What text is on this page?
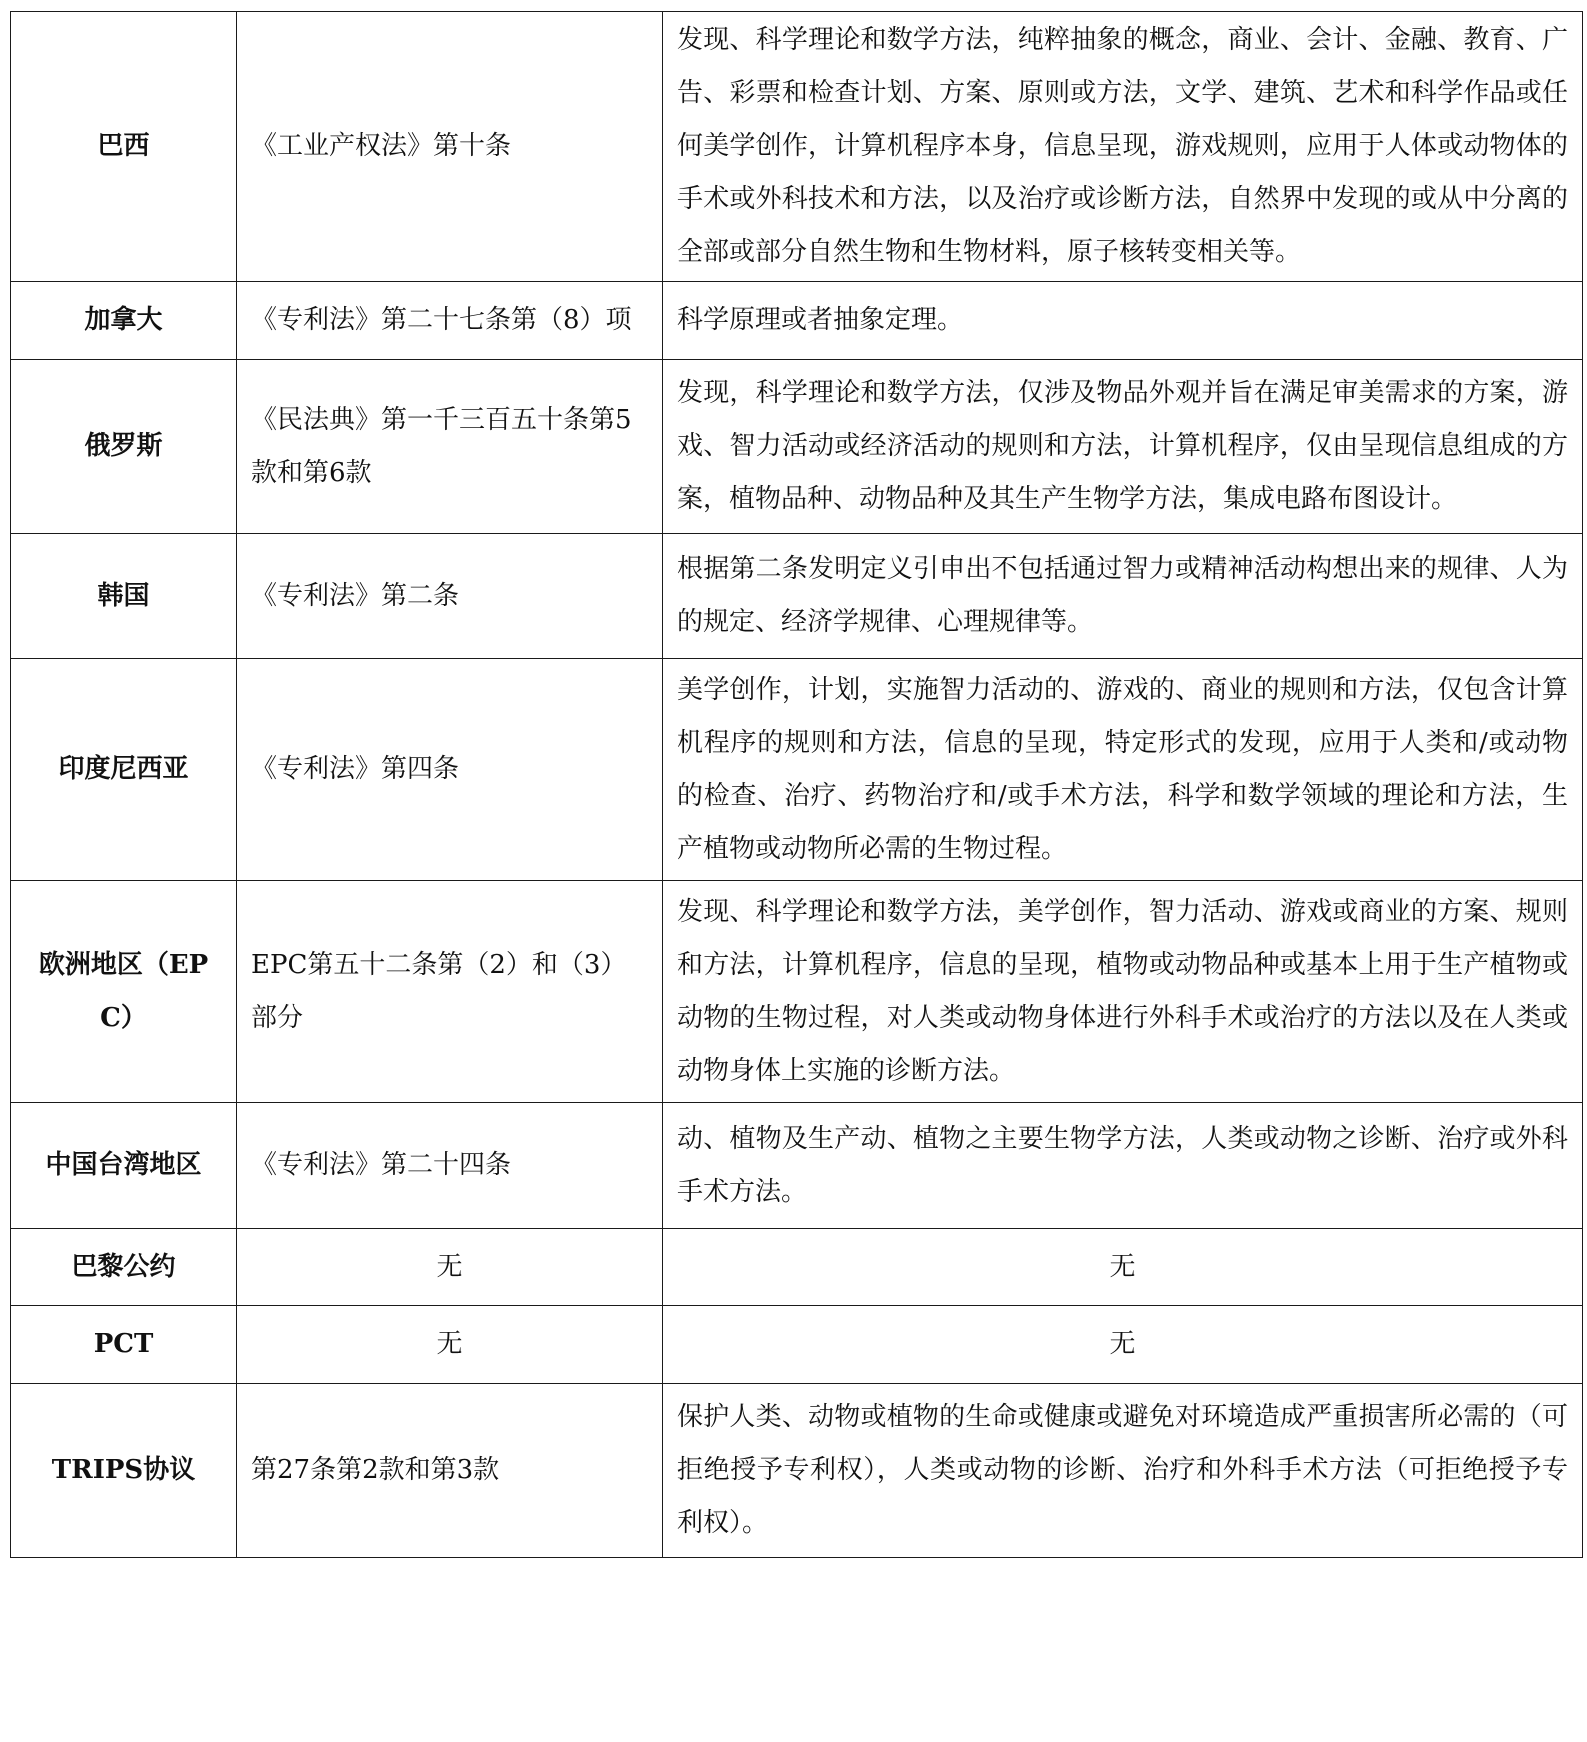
巴西	《工业产权法》第十条	发现、科学理论和数学方法，纯粹抽象的概念，商业、会计、金融、教育、广告、彩票和检查计划、方案、原则或方法，文学、建筑、艺术和科学作品或任何美学创作，计算机程序本身，信息呈现，游戏规则，应用于人体或动物体的手术或外科技术和方法，以及治疗或诊断方法，自然界中发现的或从中分离的全部或部分自然生物和生物材料，原子核转变相关等。
加拿大	《专利法》第二十七条第（8）项	科学原理或者抽象定理。
俄罗斯	《民法典》第一千三百五十条第5款和第6款	发现，科学理论和数学方法，仅涉及物品外观并旨在满足审美需求的方案，游戏、智力活动或经济活动的规则和方法，计算机程序，仅由呈现信息组成的方案，植物品种、动物品种及其生产生物学方法，集成电路布图设计。
韩国	《专利法》第二条	根据第二条发明定义引申出不包括通过智力或精神活动构想出来的规律、人为的规定、经济学规律、心理规律等。
印度尼西亚	《专利法》第四条	美学创作，计划，实施智力活动的、游戏的、商业的规则和方法，仅包含计算机程序的规则和方法，信息的呈现，特定形式的发现，应用于人类和/或动物的检查、治疗、药物治疗和/或手术方法，科学和数学领域的理论和方法，生产植物或动物所必需的生物过程。
欧洲地区（EPC）	EPC第五十二条第（2）和（3）部分	发现、科学理论和数学方法，美学创作，智力活动、游戏或商业的方案、规则和方法，计算机程序，信息的呈现，植物或动物品种或基本上用于生产植物或动物的生物过程，对人类或动物身体进行外科手术或治疗的方法以及在人类或动物身体上实施的诊断方法。
中国台湾地区	《专利法》第二十四条	动、植物及生产动、植物之主要生物学方法，人类或动物之诊断、治疗或外科手术方法。
巴黎公约	无	无
PCT	无	无
TRIPS协议	第27条第2款和第3款	保护人类、动物或植物的生命或健康或避免对环境造成严重损害所必需的（可拒绝授予专利权），人类或动物的诊断、治疗和外科手术方法（可拒绝授予专利权）。
